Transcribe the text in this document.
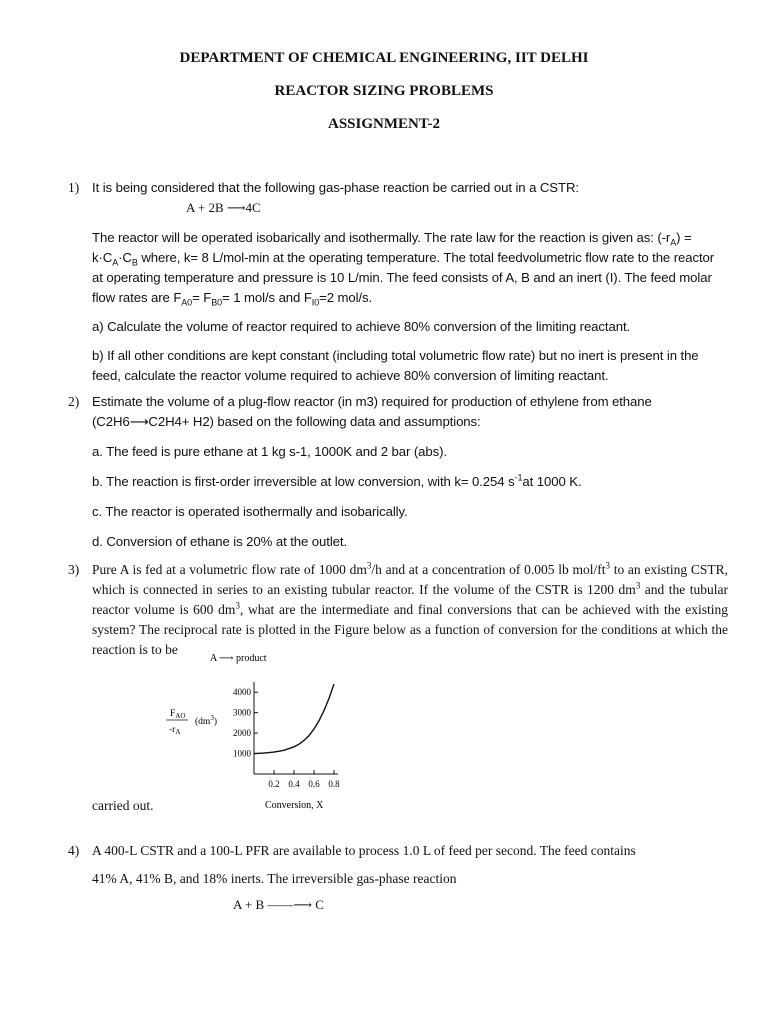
DEPARTMENT OF CHEMICAL ENGINEERING, IIT DELHI
REACTOR SIZING PROBLEMS
ASSIGNMENT-2
1) It is being considered that the following gas-phase reaction be carried out in a CSTR:
A + 2B ⟶4C
The reactor will be operated isobarically and isothermally. The rate law for the reaction is given as: $(-r_A) = k\cdot C_A\cdot C_B$ where, k= 8 L/mol-min at the operating temperature. The total feedvolumetric flow rate to the reactor at operating temperature and pressure is 10 L/min. The feed consists of A, B and an inert (I). The feed molar flow rates are $F_{A0}= F_{B0}= 1$ mol/s and $F_{I0}=2$ mol/s.
a) Calculate the volume of reactor required to achieve 80% conversion of the limiting reactant.
b) If all other conditions are kept constant (including total volumetric flow rate) but no inert is present in the feed, calculate the reactor volume required to achieve 80% conversion of limiting reactant.
2) Estimate the volume of a plug-flow reactor (in m3) required for production of ethylene from ethane (C2H6⟶C2H4+ H2) based on the following data and assumptions:
a. The feed is pure ethane at 1 kg s-1, 1000K and 2 bar (abs).
b. The reaction is first-order irreversible at low conversion, with k= 0.254 $s^{-1}at$ 1000 K.
c. The reactor is operated isothermally and isobarically.
d. Conversion of ethane is 20% at the outlet.
3) Pure A is fed at a volumetric flow rate of 1000 $dm^3/h$ and at a concentration of 0.005 lb mol/$ft^3$ to an existing CSTR, which is connected in series to an existing tubular reactor. If the volume of the CSTR is 1200 $dm^3$ and the tubular reactor volume is 600 $dm^3$, what are the intermediate and final conversions that can be achieved with the existing system? The reciprocal rate is plotted in the Figure below as a function of conversion for the conditions at which the reaction is to be
carried out.
A ⟶ product
$F_{AO}$
$-r_A$
$(dm^3)$
1000
2000
3000
4000
0.2 0.4 0.6 0.8
Conversion, X
4) A 400-L CSTR and a 100-L PFR are available to process 1.0 L of feed per second. The feed contains
41% A, 41% B, and 18% inerts. The irreversible gas-phase reaction
A + B ——⟶ C
